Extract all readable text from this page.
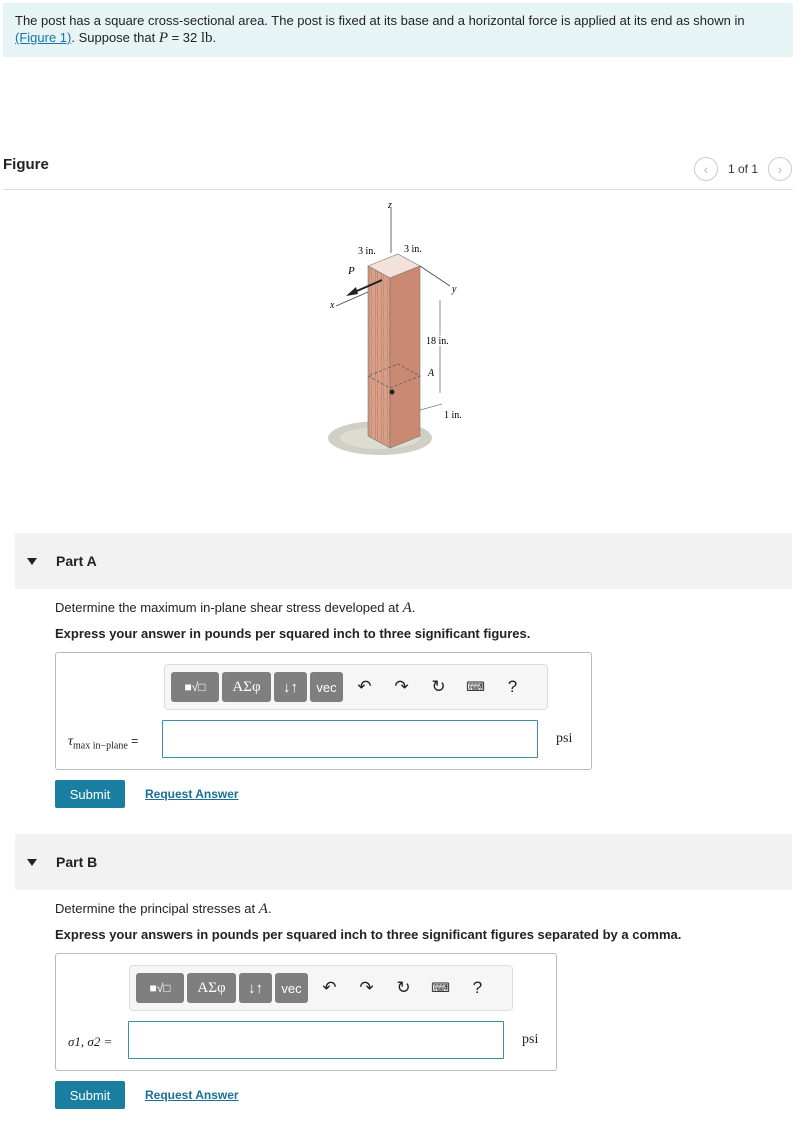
The post has a square cross-sectional area. The post is fixed at its base and a horizontal force is applied at its end as shown in
(Figure 1). Suppose that P = 32 lb.
Figure	‹ 1 of 1 ›
z
P
x
y
3 in.	3 in.
18 in.
A
1 in.
Part A
Determine the maximum in-plane shear stress developed at A.
Express your answer in pounds per squared inch to three significant figures.
■√□	ΑΣφ	↓↑	vec	↶ ↷ ↻ ⌨	?
$\tau_{max in-plane}$ =	psi
Submit	Request Answer
Part B
Determine the principal stresses at A.
Express your answers in pounds per squared inch to three significant figures separated by a comma.
■√□	ΑΣφ	↓↑	vec	↶ ↷ ↻ ⌨	?
σ1, σ2 =	psi
Submit	Request Answer
